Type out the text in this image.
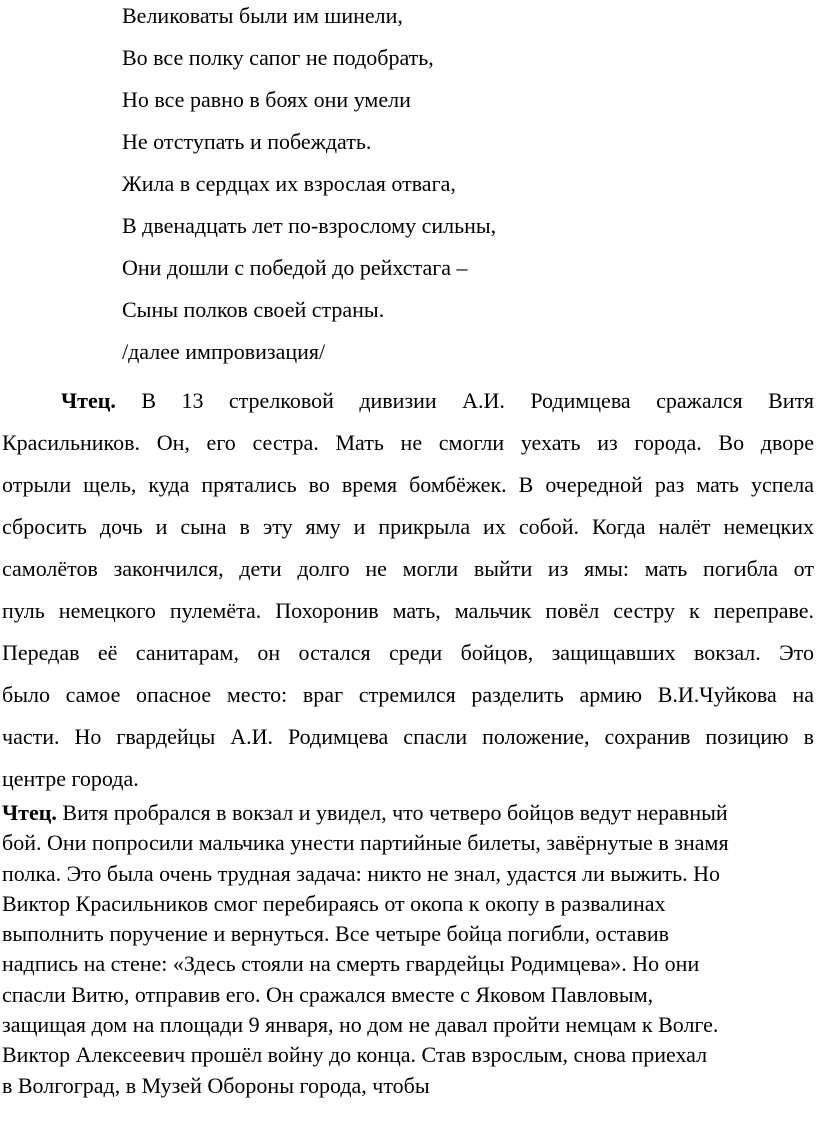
Великоваты были им шинели,
Во все полку сапог не подобрать,
Но все равно в боях они умели
Не отступать и побеждать.
Жила в сердцах их взрослая отвага,
В двенадцать лет по-взрослому сильны,
Они дошли с победой до рейхстага –
Сыны полков своей страны.
/далее импровизация/
Чтец. В 13 стрелковой дивизии А.И. Родимцева сражался Витя
Красильников. Он, его сестра. Мать не смогли уехать из города. Во дворе
отрыли щель, куда прятались во время бомбёжек. В очередной раз мать успела
сбросить дочь и сына в эту яму и прикрыла их собой. Когда налёт немецких
самолётов закончился, дети долго не могли выйти из ямы: мать погибла от
пуль немецкого пулемёта. Похоронив мать, мальчик повёл сестру к переправе.
Передав её санитарам, он остался среди бойцов, защищавших вокзал. Это
было самое опасное место: враг стремился разделить армию В.И.Чуйкова на
части. Но гвардейцы А.И. Родимцева спасли положение, сохранив позицию в
центре города.
Чтец. Витя пробрался в вокзал и увидел, что четверо бойцов ведут неравный
бой. Они попросили мальчика унести партийные билеты, завёрнутые в знамя
полка. Это была очень трудная задача: никто не знал, удастся ли выжить. Но
Виктор Красильников смог перебираясь от окопа к окопу в развалинах
выполнить поручение и вернуться. Все четыре бойца погибли, оставив
надпись на стене: «Здесь стояли на смерть гвардейцы Родимцева». Но они
спасли Витю, отправив его. Он сражался вместе с Яковом Павловым,
защищая дом на площади 9 января, но дом не давал пройти немцам к Волге.
Виктор Алексеевич прошёл войну до конца. Став взрослым, снова приехал
в Волгоград, в Музей Обороны города, чтобы
